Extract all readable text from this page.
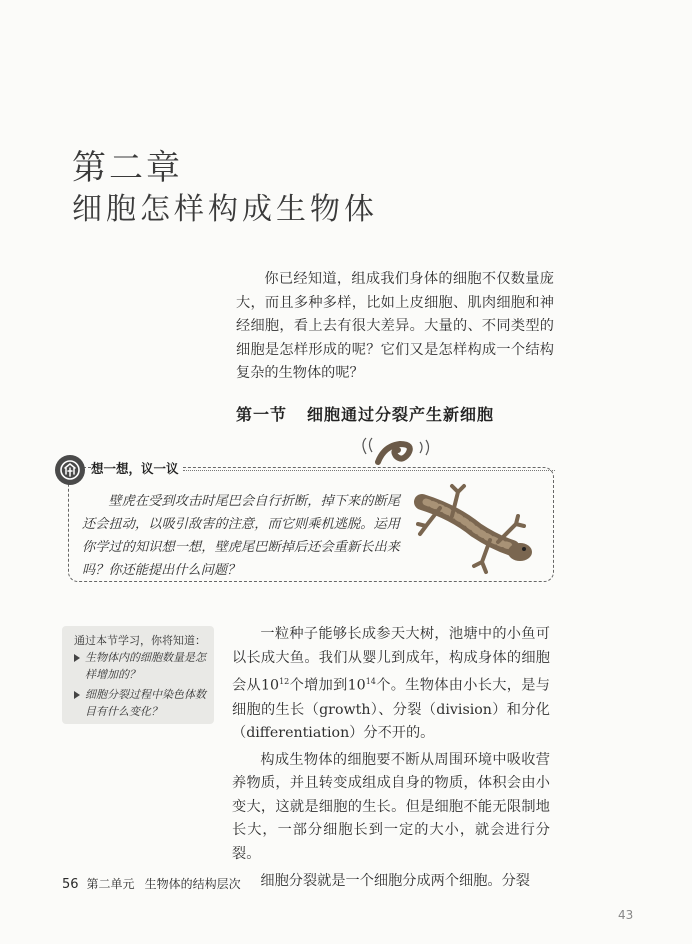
第二章
细胞怎样构成生物体
你已经知道，组成我们身体的细胞不仅数量庞大，而且多种多样，比如上皮细胞、肌肉细胞和神经细胞，看上去有很大差异。大量的、不同类型的细胞是怎样形成的呢？它们又是怎样构成一个结构复杂的生物体的呢？
第一节 细胞通过分裂产生新细胞
想一想，议一议
壁虎在受到攻击时尾巴会自行折断，掉下来的断尾还会扭动，以吸引敌害的注意，而它则乘机逃脱。运用你学过的知识想一想，壁虎尾巴断掉后还会重新长出来吗？你还能提出什么问题？
通过本节学习，你将知道：
生物体内的细胞数量是怎样增加的？
细胞分裂过程中染色体数目有什么变化？

一粒种子能够长成参天大树，池塘中的小鱼可以长成大鱼。我们从婴儿到成年，构成身体的细胞会从$10^{12}$个增加到$10^{14}$个。生物体由小长大，是与细胞的生长（growth）、分裂（division）和分化（differentiation）分不开的。

构成生物体的细胞要不断从周围环境中吸收营养物质，并且转变成组成自身的物质，体积会由小变大，这就是细胞的生长。但是细胞不能无限制地长大，一部分细胞长到一定的大小，就会进行分裂。

细胞分裂就是一个细胞分成两个细胞。分裂

56 第二单元 生物体的结构层次
43
